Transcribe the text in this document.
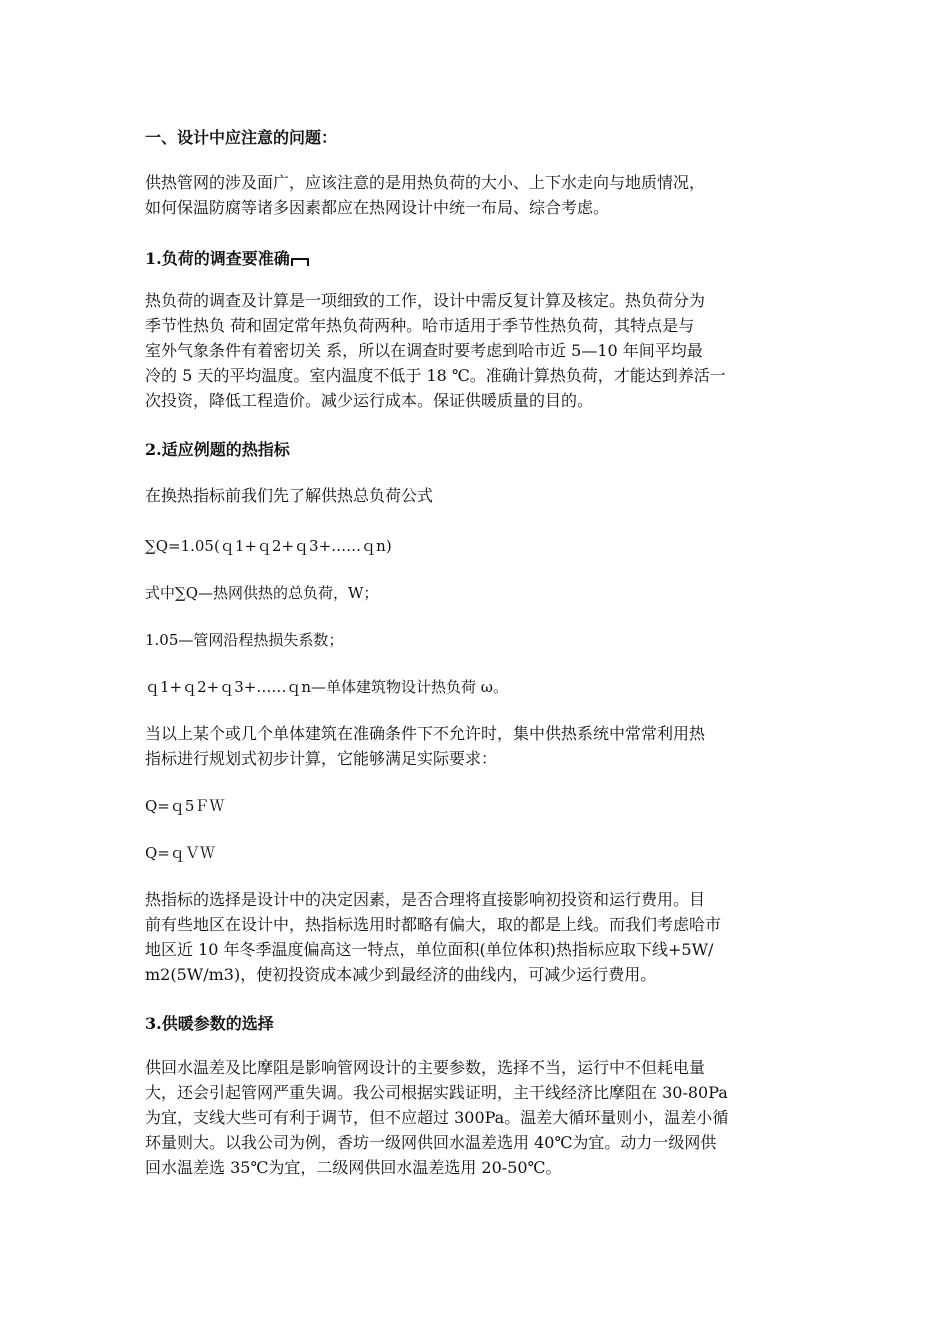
一、设计中应注意的问题：

供热管网的涉及面广，应该注意的是用热负荷的大小、上下水走向与地质情况，
如何保温防腐等诸多因素都应在热网设计中统一布局、综合考虑。

1.负荷的调查要准确

热负荷的调查及计算是一项细致的工作，设计中需反复计算及核定。热负荷分为
季节性热负 荷和固定常年热负荷两种。哈市适用于季节性热负荷，其特点是与
室外气象条件有着密切关 系，所以在调查时要考虑到哈市近 5—10 年间平均最
冷的 5 天的平均温度。室内温度不低于 18 ℃。准确计算热负荷，才能达到养活一
次投资，降低工程造价。减少运行成本。保证供暖质量的目的。

2.适应例题的热指标

在换热指标前我们先了解供热总负荷公式

∑Q=1.05(ｑ1+ｑ2+ｑ3+……ｑn)

式中∑Q—热网供热的总负荷，W；

1.05—管网沿程热损失系数；

ｑ1+ｑ2+ｑ3+……ｑn—单体建筑物设计热负荷 ω。

当以上某个或几个单体建筑在准确条件下不允许时，集中供热系统中常常利用热
指标进行规划式初步计算，它能够满足实际要求：

Q=ｑ5ＦＷ

Q=ｑＶＷ

热指标的选择是设计中的决定因素，是否合理将直接影响初投资和运行费用。目
前有些地区在设计中，热指标选用时都略有偏大，取的都是上线。而我们考虑哈市
地区近 10 年冬季温度偏高这一特点，单位面积(单位体积)热指标应取下线+5W/
m2(5W/m3)，使初投资成本减少到最经济的曲线内，可减少运行费用。

3.供暖参数的选择

供回水温差及比摩阻是影响管网设计的主要参数，选择不当，运行中不但耗电量
大，还会引起管网严重失调。我公司根据实践证明，主干线经济比摩阻在 30-80Pa
为宜，支线大些可有利于调节，但不应超过 300Pa。温差大循环量则小，温差小循
环量则大。以我公司为例，香坊一级网供回水温差选用 40℃为宜。动力一级网供
回水温差选 35℃为宜，二级网供回水温差选用 20-50℃。
